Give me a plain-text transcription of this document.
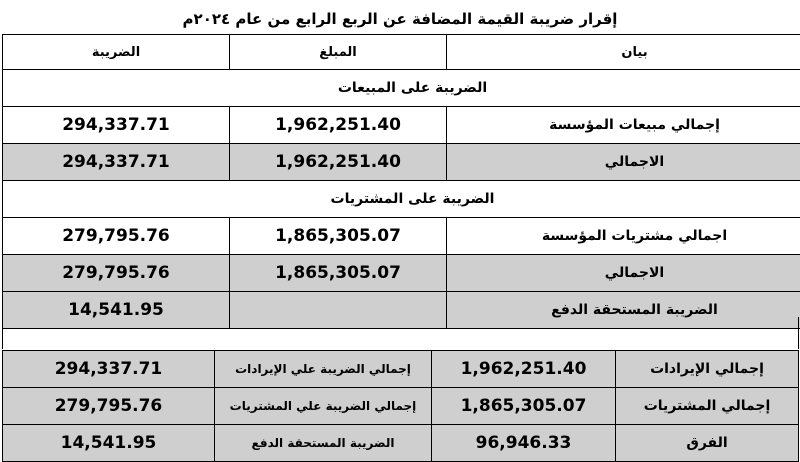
إقرار ضريبة القيمة المضافة عن الربع الرابع من عام ٢٠٢٤م
بيان	المبلغ	الضريبة
الضريبة على المبيعات		
إجمالي مبيعات المؤسسة	1,962,251.40	294,337.71
الاجمالي	1,962,251.40	294,337.71
الضريبة على المشتريات		
اجمالي مشتريات المؤسسة	1,865,305.07	279,795.76
الاجمالي	1,865,305.07	279,795.76
الضريبة المستحقة الدفع		14,541.95
إجمالي الإيرادات	1,962,251.40	إجمالي الضريبة علي الإيرادات	294,337.71
إجمالي المشتريات	1,865,305.07	إجمالي الضريبة علي المشتريات	279,795.76
الفرق	96,946.33	الضريبة المستحقة الدفع	14,541.95
